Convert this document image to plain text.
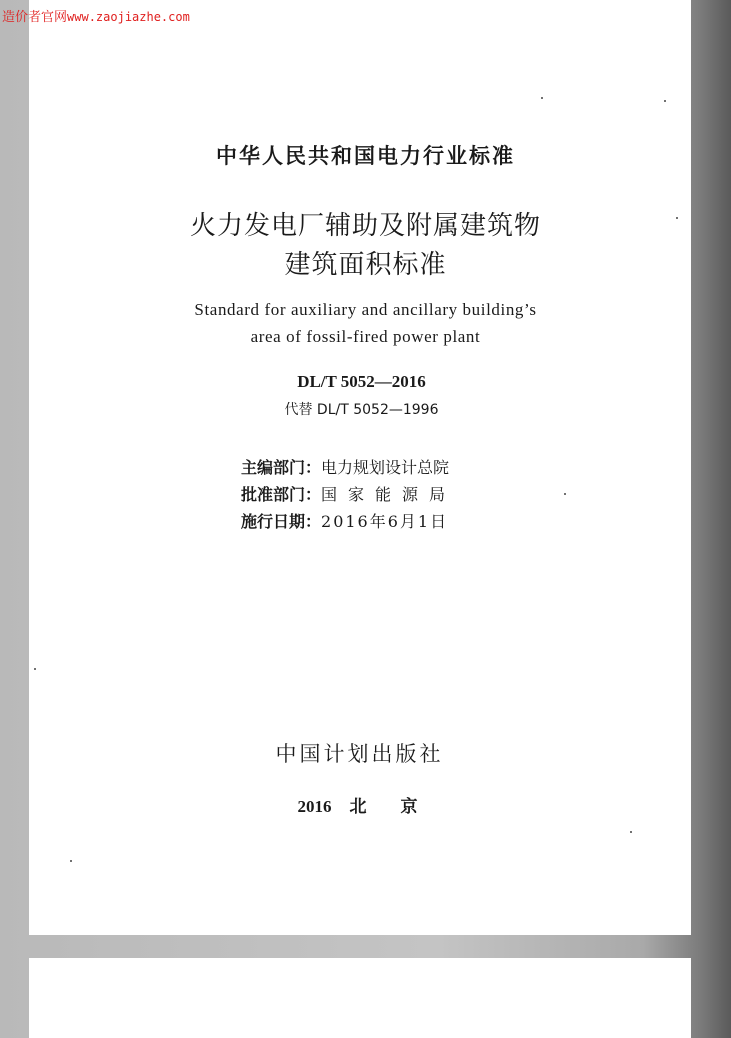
造价者官网www.zaojiazhe.com
中华人民共和国电力行业标准
火力发电厂辅助及附属建筑物
建筑面积标准
Standard for auxiliary and ancillary building’s
area of fossil-fired power plant
DL/T 5052—2016
代替 DL/T 5052—1996
主编部门：电力规划设计总院
批准部门：国家能源局
施行日期：2016年6月1日
中国计划出版社
2016 北 京
